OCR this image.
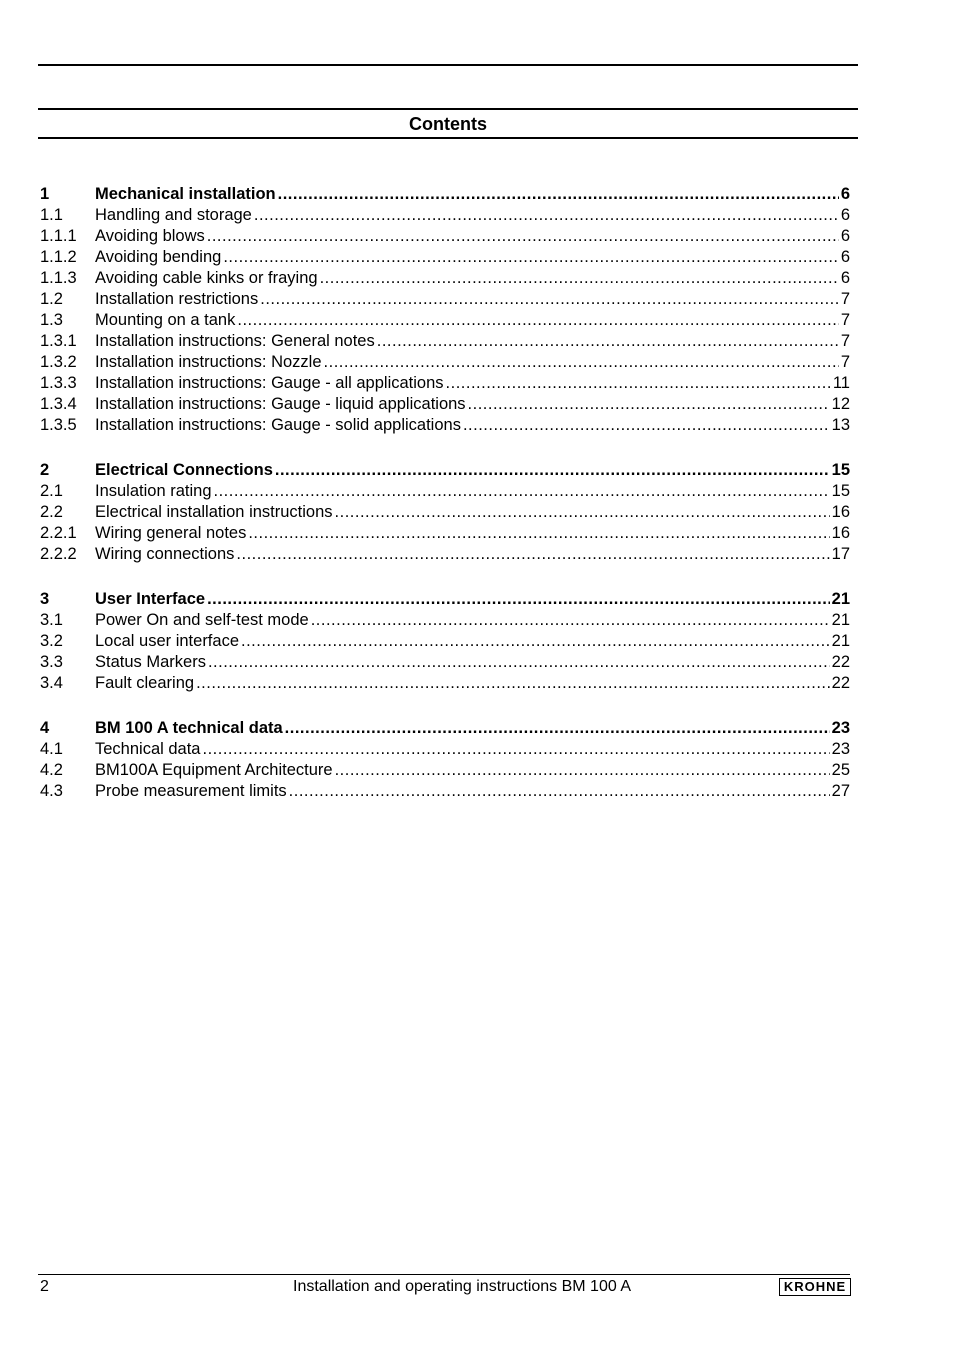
Contents
1	Mechanical installation .....	6
1.1	Handling and storage .....	6
1.1.1	Avoiding blows .....	6
1.1.2	Avoiding bending .....	6
1.1.3	Avoiding cable kinks or fraying .....	6
1.2	Installation restrictions .....	7
1.3	Mounting on a tank .....	7
1.3.1	Installation instructions: General notes .....	7
1.3.2	Installation instructions: Nozzle .....	7
1.3.3	Installation instructions: Gauge - all applications .....	11
1.3.4	Installation instructions: Gauge - liquid applications .....	12
1.3.5	Installation instructions: Gauge - solid applications .....	13
2	Electrical Connections .....	15
2.1	Insulation rating .....	15
2.2	Electrical installation instructions .....	16
2.2.1	Wiring general notes .....	16
2.2.2	Wiring connections .....	17
3	User Interface .....	21
3.1	Power On and self-test mode .....	21
3.2	Local user interface .....	21
3.3	Status Markers .....	22
3.4	Fault clearing .....	22
4	BM 100 A technical data .....	23
4.1	Technical data .....	23
4.2	BM100A Equipment Architecture .....	25
4.3	Probe measurement limits .....	27
2	Installation and operating instructions BM 100 A	KROHNE
